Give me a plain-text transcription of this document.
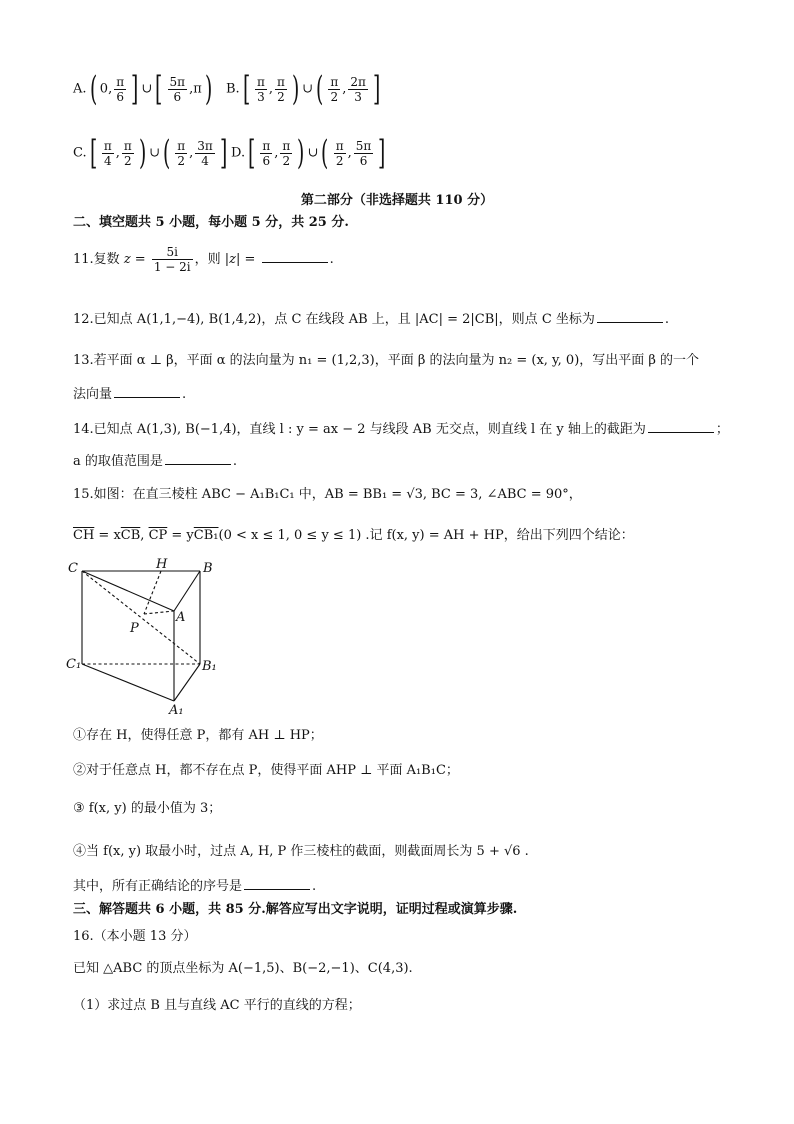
A.( 0, $\frac{\pi}{6}$ ] ∪[ $\frac{5\pi}{6} ,\pi$) $B.[ \frac{\pi}{3}$ , $\frac{\pi}{2}$ ) ∪( $\frac{\pi}{2}$ , $\frac{2\pi}{3}$ ]
$C.[ \frac{\pi}{4}$ , $\frac{\pi}{2}$ ) ∪( $\frac{\pi}{2}$ , $\frac{3\pi}{4}$ ] $D.[ \frac{\pi}{6}$ , $\frac{\pi}{2}$ ) ∪( $\frac{\pi}{2}$ , $\frac{5\pi}{6}$ ]
第二部分（非选择题共 110 分）
二、填空题共 5 小题，每小题 5 分，共 25 分.
11.复数 $z = \frac{5i}{1 - 2i}$ ，则 |z| =	.
12.已知点 A(1,1,−4), B(1,4,2)，点 C 在线段 AB 上，且 |AC| = 2|CB|，则点 C 坐标为	.
13.若平面 α ⊥ β，平面 α 的法向量为 n₁ = (1,2,3)，平面 β 的法向量为 n₂ = (x, y, 0)，写出平面 β 的一个
法向量	.
14.已知点 A(1,3), B(−1,4)，直线 l : y = ax − 2 与线段 AB 无交点，则直线 l 在 y 轴上的截距为	；
a 的取值范围是	.
15.如图：在直三棱柱 ABC − A₁B₁C₁ 中，AB = BB₁ = √3, BC = 3, ∠ABC = 90°，
$\overline{CH} = x\overline{CB}$, $\overline{CP} = yCB_1(0 < x \le 1$, 0 ≤ y ≤ 1) .记 f(x, y) = AH + HP，给出下列四个结论：
C	H	B
A
P
C₁	B₁
A₁
①存在 H，使得任意 P，都有 AH ⊥ HP；
②对于任意点 H，都不存在点 P，使得平面 AHP ⊥ 平面 A₁B₁C；
③ f(x, y) 的最小值为 3；
④当 f(x, y) 取最小时，过点 A, H, P 作三棱柱的截面，则截面周长为 5 + √6 .
其中，所有正确结论的序号是	.
三、解答题共 6 小题，共 85 分.解答应写出文字说明，证明过程或演算步骤.
16.（本小题 13 分）
已知 △ABC 的顶点坐标为 A(−1,5)、B(−2,−1)、C(4,3).
（1）求过点 B 且与直线 AC 平行的直线的方程；
